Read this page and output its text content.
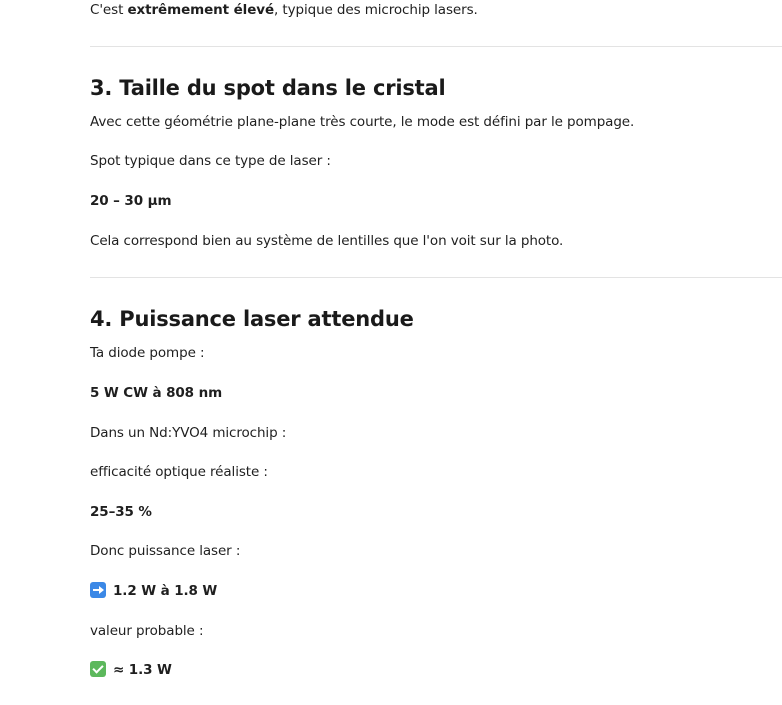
C'est extrêmement élevé, typique des microchip lasers.

3. Taille du spot dans le cristal

Avec cette géométrie plane-plane très courte, le mode est défini par le pompage.

Spot typique dans ce type de laser :

20 – 30 µm

Cela correspond bien au système de lentilles que l'on voit sur la photo.

4. Puissance laser attendue

Ta diode pompe :

5 W CW à 808 nm

Dans un Nd:YVO4 microchip :

efficacité optique réaliste :

25–35 %

Donc puissance laser :

1.2 W à 1.8 W

valeur probable :

≈ 1.3 W
